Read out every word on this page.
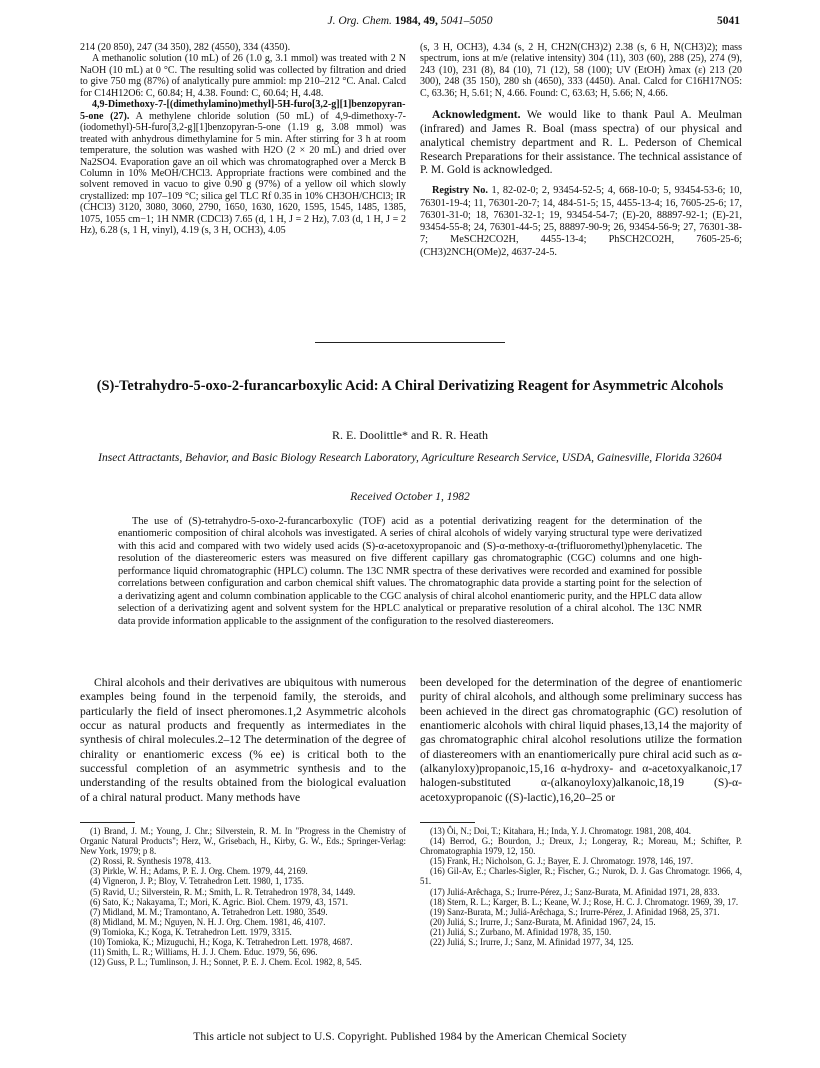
J. Org. Chem. 1984, 49, 5041–5050	5041

214 (20 850), 247 (34 350), 282 (4550), 334 (4350).

A methanolic solution (10 mL) of 26 (1.0 g, 3.1 mmol) was treated with 2 N NaOH (10 mL) at 0 °C. The resulting solid was collected by filtration and dried to give 750 mg (87%) of analytically pure ammiol: mp 210–212 °C. Anal. Calcd for C14H12O6: C, 60.84; H, 4.38. Found: C, 60.64; H, 4.48.

4,9-Dimethoxy-7-[(dimethylamino)methyl]-5H-furo[3,2-g][1]benzopyran-5-one (27). A methylene chloride solution (50 mL) of 4,9-dimethoxy-7-(iodomethyl)-5H-furo[3,2-g][1]benzopyran-5-one (1.19 g, 3.08 mmol) was treated with anhydrous dimethylamine for 5 min. After stirring for 3 h at room temperature, the solution was washed with H2O (2 × 20 mL) and dried over Na2SO4. Evaporation gave an oil which was chromatographed over a Merck B Column in 10% MeOH/CHCl3. Appropriate fractions were combined and the solvent removed in vacuo to give 0.90 g (97%) of a yellow oil which slowly crystallized: mp 107–109 °C; silica gel TLC Rf 0.35 in 10% CH3OH/CHCl3; IR (CHCl3) 3120, 3080, 3060, 2790, 1650, 1630, 1620, 1595, 1545, 1485, 1385, 1075, 1055 cm−1; 1H NMR (CDCl3) 7.65 (d, 1 H, J = 2 Hz), 7.03 (d, 1 H, J = 2 Hz), 6.28 (s, 1 H, vinyl), 4.19 (s, 3 H, OCH3), 4.05

(s, 3 H, OCH3), 4.34 (s, 2 H, CH2N(CH3)2) 2.38 (s, 6 H, N(CH3)2); mass spectrum, ions at m/e (relative intensity) 304 (11), 303 (60), 288 (25), 274 (9), 243 (10), 231 (8), 84 (10), 71 (12), 58 (100); UV (EtOH) λmax (ε) 213 (20 300), 248 (35 150), 280 sh (4650), 333 (4450). Anal. Calcd for C16H17NO5: C, 63.36; H, 5.61; N, 4.66. Found: C, 63.63; H, 5.66; N, 4.66.

Acknowledgment. We would like to thank Paul A. Meulman (infrared) and James R. Boal (mass spectra) of our physical and analytical chemistry department and R. L. Pederson of Chemical Research Preparations for their assistance. The technical assistance of P. M. Gold is acknowledged.

Registry No. 1, 82-02-0; 2, 93454-52-5; 4, 668-10-0; 5, 93454-53-6; 10, 76301-19-4; 11, 76301-20-7; 14, 484-51-5; 15, 4455-13-4; 16, 7605-25-6; 17, 76301-31-0; 18, 76301-32-1; 19, 93454-54-7; (E)-20, 88897-92-1; (E)-21, 93454-55-8; 24, 76301-44-5; 25, 88897-90-9; 26, 93454-56-9; 27, 76301-38-7; MeSCH2CO2H, 4455-13-4; PhSCH2CO2H, 7605-25-6; (CH3)2NCH(OMe)2, 4637-24-5.

(S)-Tetrahydro-5-oxo-2-furancarboxylic Acid: A Chiral Derivatizing Reagent for Asymmetric Alcohols
R. E. Doolittle* and R. R. Heath
Insect Attractants, Behavior, and Basic Biology Research Laboratory, Agriculture Research Service, USDA, Gainesville, Florida 32604
Received October 1, 1982

The use of (S)-tetrahydro-5-oxo-2-furancarboxylic (TOF) acid as a potential derivatizing reagent for the determination of the enantiomeric composition of chiral alcohols was investigated. A series of chiral alcohols of widely varying structural type were derivatized with this acid and compared with two widely used acids (S)-α-acetoxypropanoic and (S)-α-methoxy-α-(trifluoromethyl)phenylacetic. The resolution of the diastereomeric esters was measured on five different capillary gas chromatographic (CGC) columns and one high-performance liquid chromatographic (HPLC) column. The 13C NMR spectra of these derivatives were recorded and examined for possible correlations between configuration and carbon chemical shift values. The chromatographic data provide a starting point for the selection of a derivatizing agent and column combination applicable to the CGC analysis of chiral alcohol enantiomeric purity, and the HPLC data allow selection of a derivatizing agent and solvent system for the HPLC analytical or preparative resolution of a chiral alcohol. The 13C NMR data provide information applicable to the assignment of the configuration to the resolved diastereomers.

Chiral alcohols and their derivatives are ubiquitous with numerous examples being found in the terpenoid family, the steroids, and particularly the field of insect pheromones.1,2 Asymmetric alcohols occur as natural products and frequently as intermediates in the synthesis of chiral molecules.2–12 The determination of the degree of chirality or enantiomeric excess (% ee) is critical both to the successful completion of an asymmetric synthesis and to the understanding of the results obtained from the biological evaluation of a chiral natural product. Many methods have

been developed for the determination of the degree of enantiomeric purity of chiral alcohols, and although some preliminary success has been achieved in the direct gas chromatographic (GC) resolution of enantiomeric alcohols with chiral liquid phases,13,14 the majority of gas chromatographic chiral alcohol resolutions utilize the formation of diastereomers with an enantiomerically pure chiral acid such as α-(alkanyloxy)propanoic,15,16 α-hydroxy- and α-acetoxyalkanoic,17 halogen-substituted α-(alkanoyloxy)alkanoic,18,19 (S)-α-acetoxypropanoic ((S)-lactic),16,20–25 or

(1) Brand, J. M.; Young, J. Chr.; Silverstein, R. M. In "Progress in the Chemistry of Organic Natural Products"; Herz, W., Grisebach, H., Kirby, G. W., Eds.; Springer-Verlag: New York, 1979; p 8.
(2) Rossi, R. Synthesis 1978, 413.
(3) Pirkle, W. H.; Adams, P. E. J. Org. Chem. 1979, 44, 2169.
(4) Vigneron, J. P.; Bloy, V. Tetrahedron Lett. 1980, 1, 1735.
(5) Ravid, U.; Silverstein, R. M.; Smith, L. R. Tetrahedron 1978, 34, 1449.
(6) Sato, K.; Nakayama, T.; Mori, K. Agric. Biol. Chem. 1979, 43, 1571.
(7) Midland, M. M.; Tramontano, A. Tetrahedron Lett. 1980, 3549.
(8) Midland, M. M.; Nguyen, N. H. J. Org. Chem. 1981, 46, 4107.
(9) Tomioka, K.; Koga, K. Tetrahedron Lett. 1979, 3315.
(10) Tomioka, K.; Mizuguchi, H.; Koga, K. Tetrahedron Lett. 1978, 4687.
(11) Smith, L. R.; Williams, H. J. J. Chem. Educ. 1979, 56, 696.
(12) Guss, P. L.; Tumlinson, J. H.; Sonnet, P. E. J. Chem. Ecol. 1982, 8, 545.
(13) Ôi, N.; Doi, T.; Kitahara, H.; Inda, Y. J. Chromatogr. 1981, 208, 404.
(14) Berrod, G.; Bourdon, J.; Dreux, J.; Longeray, R.; Moreau, M.; Schifter, P. Chromatographia 1979, 12, 150.
(15) Frank, H.; Nicholson, G. J.; Bayer, E. J. Chromatogr. 1978, 146, 197.
(16) Gil-Av, E.; Charles-Sigler, R.; Fischer, G.; Nurok, D. J. Gas Chromatogr. 1966, 4, 51.
(17) Juliá-Arêchaga, S.; Irurre-Pérez, J.; Sanz-Burata, M. Afinidad 1971, 28, 833.
(18) Stern, R. L.; Karger, B. L.; Keane, W. J.; Rose, H. C. J. Chromatogr. 1969, 39, 17.
(19) Sanz-Burata, M.; Juliá-Arêchaga, S.; Irurre-Pérez, J. Afinidad 1968, 25, 371.
(20) Juliá, S.; Irurre, J.; Sanz-Burata, M. Afinidad 1967, 24, 15.
(21) Juliá, S.; Zurbano, M. Afinidad 1978, 35, 150.
(22) Juliá, S.; Irurre, J.; Sanz, M. Afinidad 1977, 34, 125.
This article not subject to U.S. Copyright. Published 1984 by the American Chemical Society
